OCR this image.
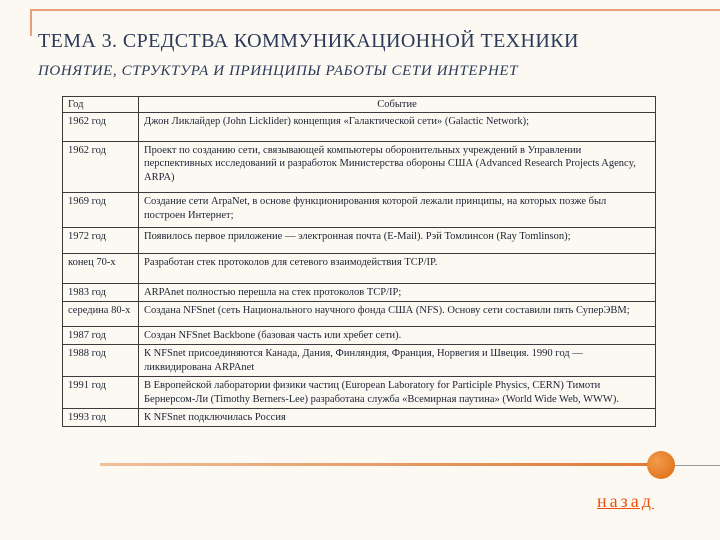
ТЕМА 3. СРЕДСТВА КОММУНИКАЦИОННОЙ ТЕХНИКИ
ПОНЯТИЕ, СТРУКТУРА И ПРИНЦИПЫ РАБОТЫ СЕТИ ИНТЕРНЕТ
Год	Событие
1962 год	Джон Ликлайдер (John Licklider) концепция «Галактической сети» (Galactic Network);
1962 год	Проект по созданию сети, связывающей компьютеры оборонительных учреждений в Управлении перспективных исследований и разработок Министерства обороны США (Advanced Research Projects Agency, ARPA)
1969 год	Создание сети ArpaNet, в основе функционирования которой лежали принципы, на которых позже был построен Интернет;
1972 год	Появилось первое приложение — электронная почта (E-Mail). Рэй Томлинсон (Ray Tomlinson);
конец 70-х	Разработан стек протоколов для сетевого взаимодействия TCP/IP.
1983 год	ARPAnet полностью перешла на стек протоколов TCP/IP;
середина 80-х	Создана NFSnet (сеть Национального научного фонда США (NFS). Основу сети составили пять СуперЭВМ;
1987 год	Создан NFSnet Backbone (базовая часть или хребет сети).
1988 год	К NFSnet присоединяются Канада, Дания, Финляндия, Франция, Норвегия и Швеция. 1990 год — ликвидирована ARPAnet
1991 год	В Европейской лаборатории физики частиц (European Laboratory for Participle Physics, CERN) Тимоти Бернерсом-Ли (Timothy Berners-Lee) разработана служба «Всемирная паутина» (World Wide Web, WWW).
1993 год	К NFSnet подключилась Россия
назад
